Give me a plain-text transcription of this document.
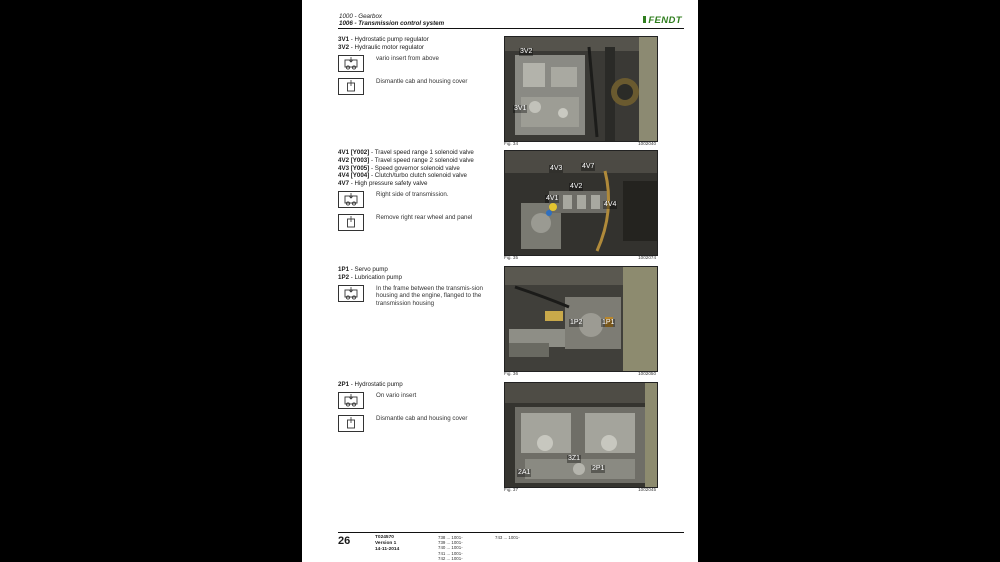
1000 - Gearbox
1006 - Transmission control system	FENDT
3V1 - Hydrostatic pump regulator
3V2 - Hydraulic motor regulator
vario insert from above
Dismantle cab and housing cover
4V1 [Y002] - Travel speed range 1 solenoid valve
4V2 [Y003] - Travel speed range 2 solenoid valve
4V3 [Y005] - Speed governor solenoid valve
4V4 [Y004] - Clutch/turbo clutch solenoid valve
4V7 - High pressure safety valve
Right side of transmission.
Remove right rear wheel and panel
1P1 - Servo pump
1P2 - Lubrication pump
In the frame between the transmis-sion housing and the engine, flanged to the transmission housing
2P1 - Hydrostatic pump
On vario insert
Dismantle cab and housing cover
3V2
3V1
Fig. 34	1002040
4V3	4V7
4V2
4V1
4V4
Fig. 35	1002074
1P2	1P1
Fig. 36	1002050
2A1
3Z1
2P1
Fig. 37	1002045
26	T024570
Version 1
14-11-2014
738 ... 1001-
739 ... 1001-
740 ... 1001-
741 ... 1001-
742 ... 1001-
743 ... 1001-
